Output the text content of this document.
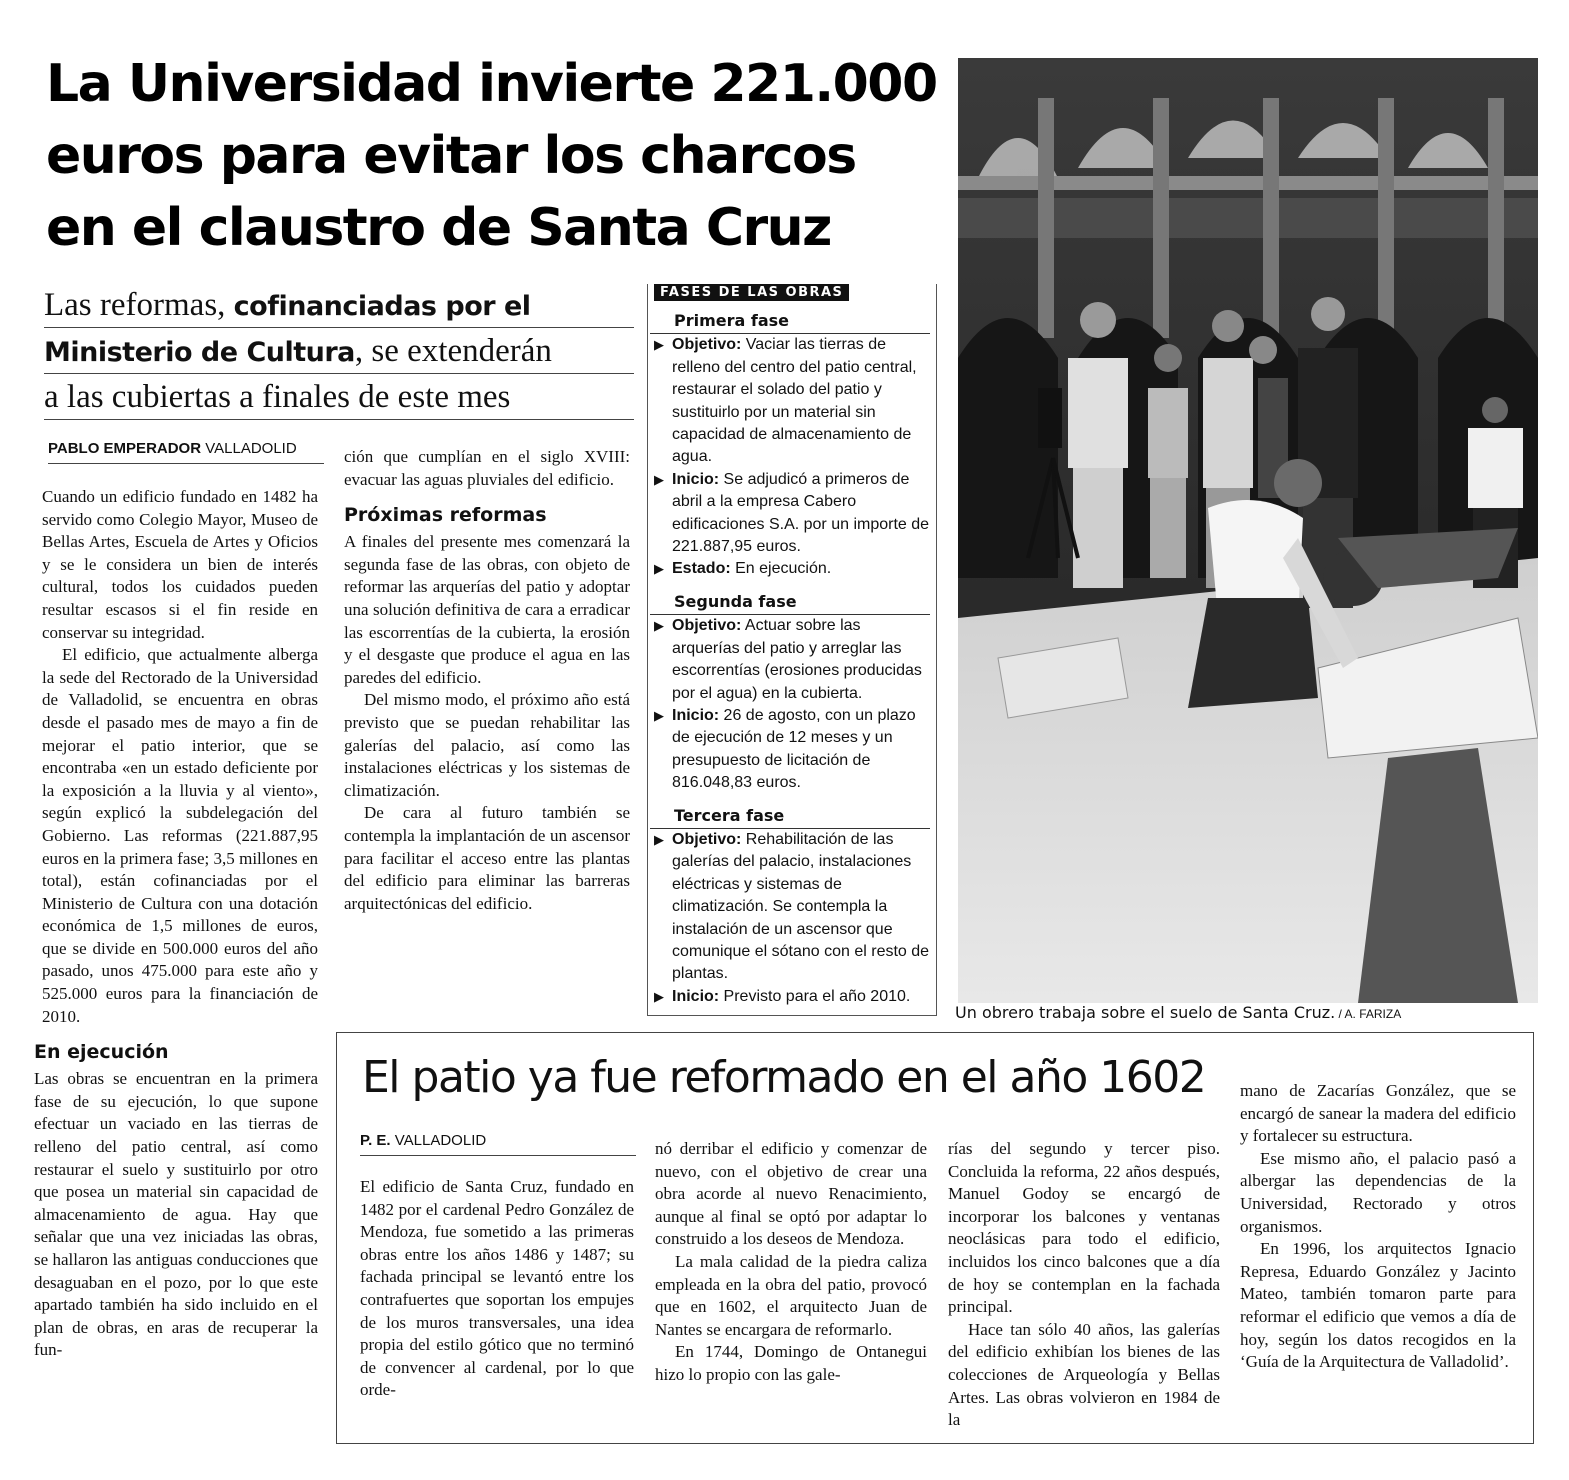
La Universidad invierte 221.000
euros para evitar los charcos
en el claustro de Santa Cruz
Las reformas, cofinanciadas por el
Ministerio de Cultura, se extenderán
a las cubiertas a finales de este mes
PABLO EMPERADOR VALLADOLID

Cuando un edificio fundado en 1482 ha servido como Colegio Mayor, Museo de Bellas Artes, Escuela de Artes y Oficios y se le considera un bien de interés cultural, todos los cuidados pueden resultar escasos si el fin reside en conservar su integridad.

El edificio, que actualmente alberga la sede del Rectorado de la Universidad de Valladolid, se encuentra en obras desde el pasado mes de mayo a fin de mejorar el patio interior, que se encontraba «en un estado deficiente por la exposición a la lluvia y al viento», según explicó la subdelegación del Gobierno. Las reformas (221.887,95 euros en la primera fase; 3,5 millones en total), están cofinanciadas por el Ministerio de Cultura con una dotación económica de 1,5 millones de euros, que se divide en 500.000 euros del año pasado, unos 475.000 para este año y 525.000 euros para la financiación de 2010.

En ejecución

Las obras se encuentran en la primera fase de su ejecución, lo que supone efectuar un vaciado en las tierras de relleno del patio central, así como restaurar el suelo y sustituirlo por otro que posea un material sin capacidad de almacenamiento de agua. Hay que señalar que una vez iniciadas las obras, se hallaron las antiguas conducciones que desaguaban en el pozo, por lo que este apartado también ha sido incluido en el plan de obras, en aras de recuperar la fun-

ción que cumplían en el siglo XVIII: evacuar las aguas pluviales del edificio.

Próximas reformas

A finales del presente mes comenzará la segunda fase de las obras, con objeto de reformar las arquerías del patio y adoptar una solución definitiva de cara a erradicar las escorrentías de la cubierta, la erosión y el desgaste que produce el agua en las paredes del edificio.

Del mismo modo, el próximo año está previsto que se puedan rehabilitar las galerías del palacio, así como las instalaciones eléctricas y los sistemas de climatización.

De cara al futuro también se contempla la implantación de un ascensor para facilitar el acceso entre las plantas del edificio para eliminar las barreras arquitectónicas del edificio.

Primera fase
▶ Objetivo: Vaciar las tierras de relleno del centro del patio central, restaurar el solado del patio y sustituirlo por un material sin capacidad de almacenamiento de agua.
▶ Inicio: Se adjudicó a primeros de abril a la empresa Cabero edificaciones S.A. por un importe de 221.887,95 euros.
▶ Estado: En ejecución.
Segunda fase
▶ Objetivo: Actuar sobre las arquerías del patio y arreglar las escorrentías (erosiones producidas por el agua) en la cubierta.
▶ Inicio: 26 de agosto, con un plazo de ejecución de 12 meses y un presupuesto de licitación de 816.048,83 euros.
Tercera fase
▶ Objetivo: Rehabilitación de las galerías del palacio, instalaciones eléctricas y sistemas de climatización. Se contempla la instalación de un ascensor que comunique el sótano con el resto de plantas.
▶ Inicio: Previsto para el año 2010.
FASES DE LAS OBRAS
Un obrero trabaja sobre el suelo de Santa Cruz. / A. FARIZA
El patio ya fue reformado en el año 1602
P. E. VALLADOLID

El edificio de Santa Cruz, fundado en 1482 por el cardenal Pedro González de Mendoza, fue sometido a las primeras obras entre los años 1486 y 1487; su fachada principal se levantó entre los contrafuertes que soportan los empujes de los muros transversales, una idea propia del estilo gótico que no terminó de convencer al cardenal, por lo que orde-

nó derribar el edificio y comenzar de nuevo, con el objetivo de crear una obra acorde al nuevo Renacimiento, aunque al final se optó por adaptar lo construido a los deseos de Mendoza.

La mala calidad de la piedra caliza empleada en la obra del patio, provocó que en 1602, el arquitecto Juan de Nantes se encargara de reformarlo.

En 1744, Domingo de Ontanegui hizo lo propio con las gale-

rías del segundo y tercer piso. Concluida la reforma, 22 años después, Manuel Godoy se encargó de incorporar los balcones y ventanas neoclásicas para todo el edificio, incluidos los cinco balcones que a día de hoy se contemplan en la fachada principal.

Hace tan sólo 40 años, las galerías del edificio exhibían los bienes de las colecciones de Arqueología y Bellas Artes. Las obras volvieron en 1984 de la

mano de Zacarías González, que se encargó de sanear la madera del edificio y fortalecer su estructura.

Ese mismo año, el palacio pasó a albergar las dependencias de la Universidad, Rectorado y otros organismos.

En 1996, los arquitectos Ignacio Represa, Eduardo González y Jacinto Mateo, también tomaron parte para reformar el edificio que vemos a día de hoy, según los datos recogidos en la ‘Guía de la Arquitectura de Valladolid’.
